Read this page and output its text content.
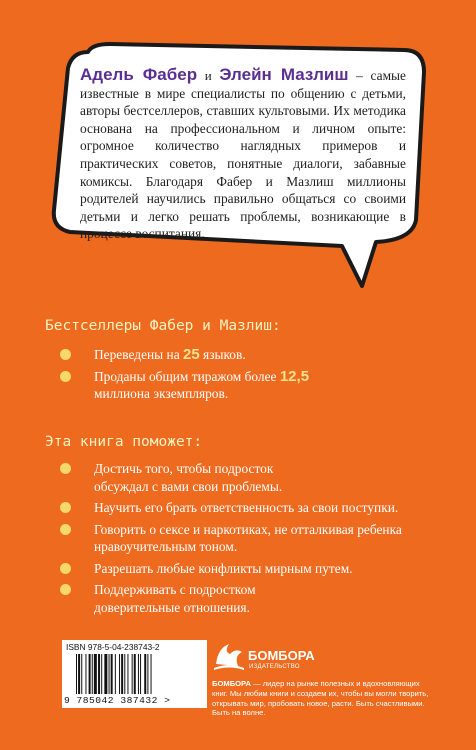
Адель Фабер и Элейн Мазлиш – самые известные в мире специалисты по общению с детьми, авторы бестселлеров, ставших культовыми. Их методика основана на профессиональном и личном опыте: огромное количество наглядных примеров и практических советов, понятные диалоги, забавные комиксы. Благодаря Фабер и Мазлиш миллионы родителей научились правильно общаться со своими детьми и легко решать проблемы, возникающие в процессе воспитания.
Бестселлеры Фабер и Мазлиш:
Переведены на 25 языков.
Проданы общим тиражом более 12,5 миллиона экземпляров.
Эта книга поможет:
Достичь того, чтобы подросток обсуждал с вами свои проблемы.
Научить его брать ответственность за свои поступки.
Говорить о сексе и наркотиках, не отталкивая ребенка нравоучительным тоном.
Разрешать любые конфликты мирным путем.
Поддерживать с подростком доверительные отношения.
ISBN 978-5-04-238743-2
9 785042 387432 >
БОМБОРА
ИЗДАТЕЛЬСТВО
БОМБОРА — лидер на рынке полезных и вдохновляющих книг. Мы любим книги и создаем их, чтобы вы могли творить, открывать мир, пробовать новое, расти. Быть счастливыми. Быть на волне.
